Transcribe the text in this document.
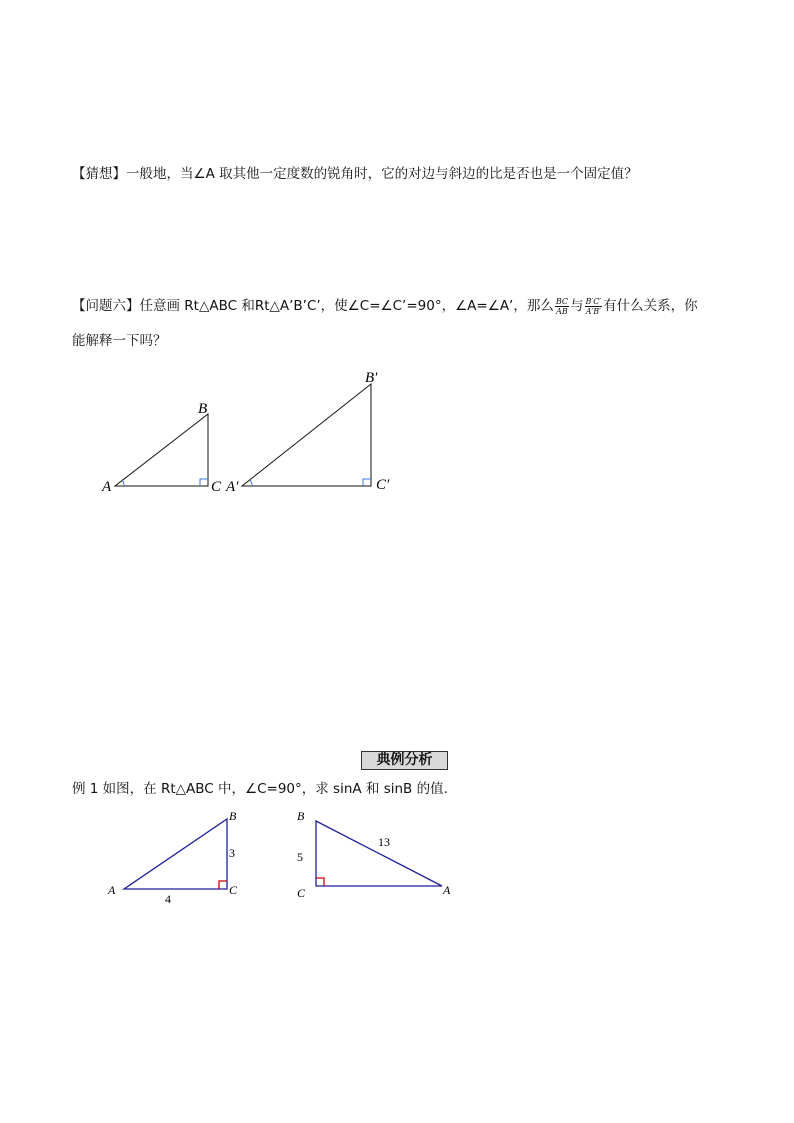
【猜想】一般地，当∠A 取其他一定度数的锐角时，它的对边与斜边的比是否也是一个固定值？
【问题六】任意画 Rt△ABC 和Rt△A’B’C’，使∠C=∠C’=90°，∠A=∠A’，那么 $\frac{BC}{AB}$ 与 $\frac{B'C'}{A'B'}$ 有什么关系，你
能解释一下吗？
A
B
C A′
B′
C′
典例分析
例 1 如图，在 Rt△ABC 中，∠C=90°，求 sinA 和 sinB 的值.
A
B
C
3
4
B
C	A
5
13
